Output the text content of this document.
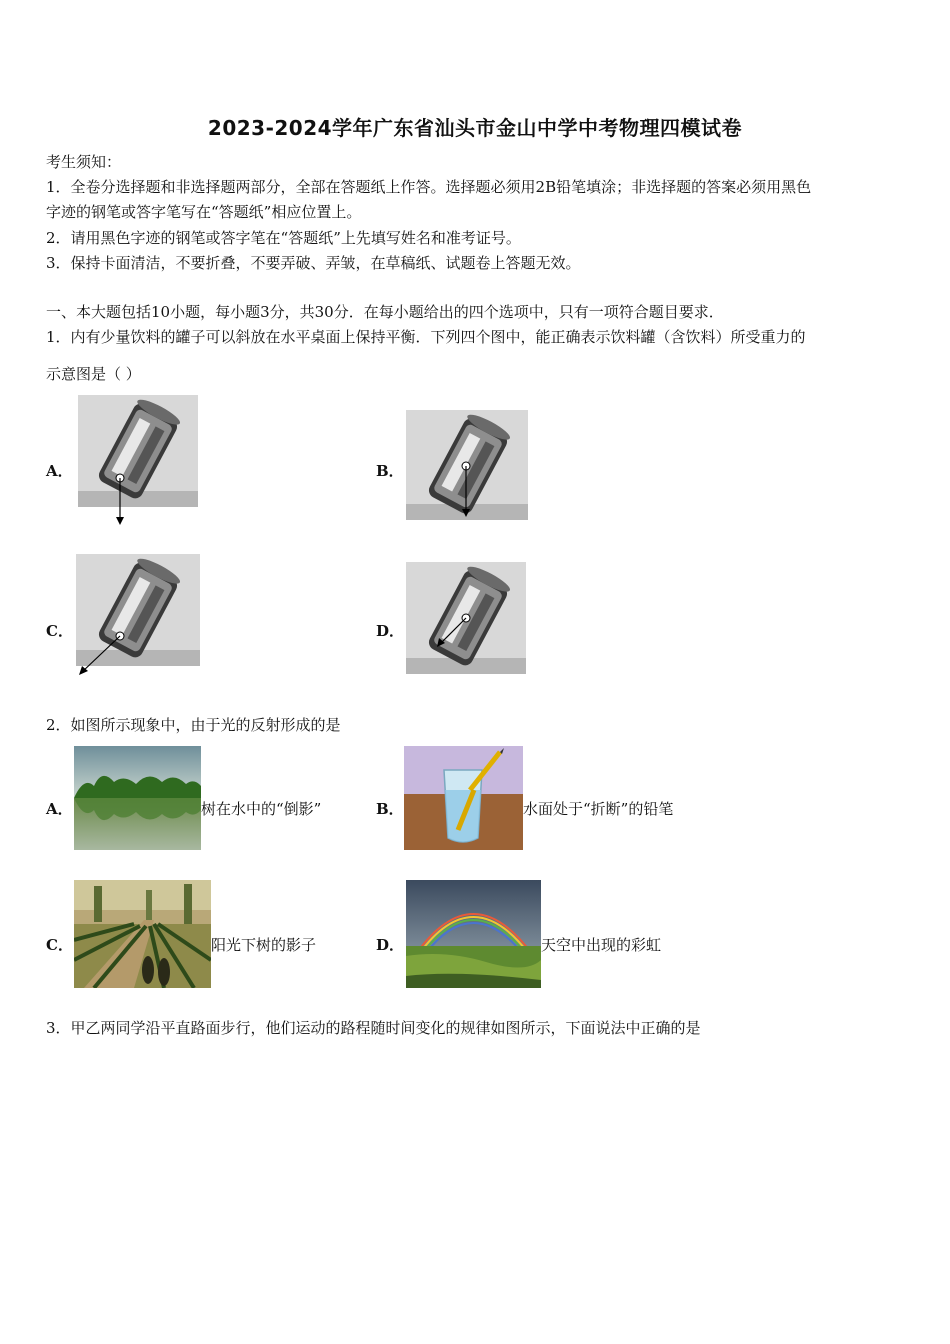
2023-2024学年广东省汕头市金山中学中考物理四模试卷
考生须知：
1．全卷分选择题和非选择题两部分，全部在答题纸上作答。选择题必须用2B铅笔填涂；非选择题的答案必须用黑色
字迹的钢笔或答字笔写在“答题纸”相应位置上。
2．请用黑色字迹的钢笔或答字笔在“答题纸”上先填写姓名和准考证号。
3．保持卡面清洁，不要折叠，不要弄破、弄皱，在草稿纸、试题卷上答题无效。
一、本大题包括10小题，每小题3分，共30分．在每小题给出的四个选项中，只有一项符合题目要求．
1．内有少量饮料的罐子可以斜放在水平桌面上保持平衡．下列四个图中，能正确表示饮料罐（含饮料）所受重力的
示意图是（ ）
A．	B．
C．	D．
2．如图所示现象中，由于光的反射形成的是
A．	树在水中的“倒影”	B．	水面处于“折断”的铅笔
C．	阳光下树的影子	D．	天空中出现的彩虹
3．甲乙两同学沿平直路面步行，他们运动的路程随时间变化的规律如图所示，下面说法中正确的是
